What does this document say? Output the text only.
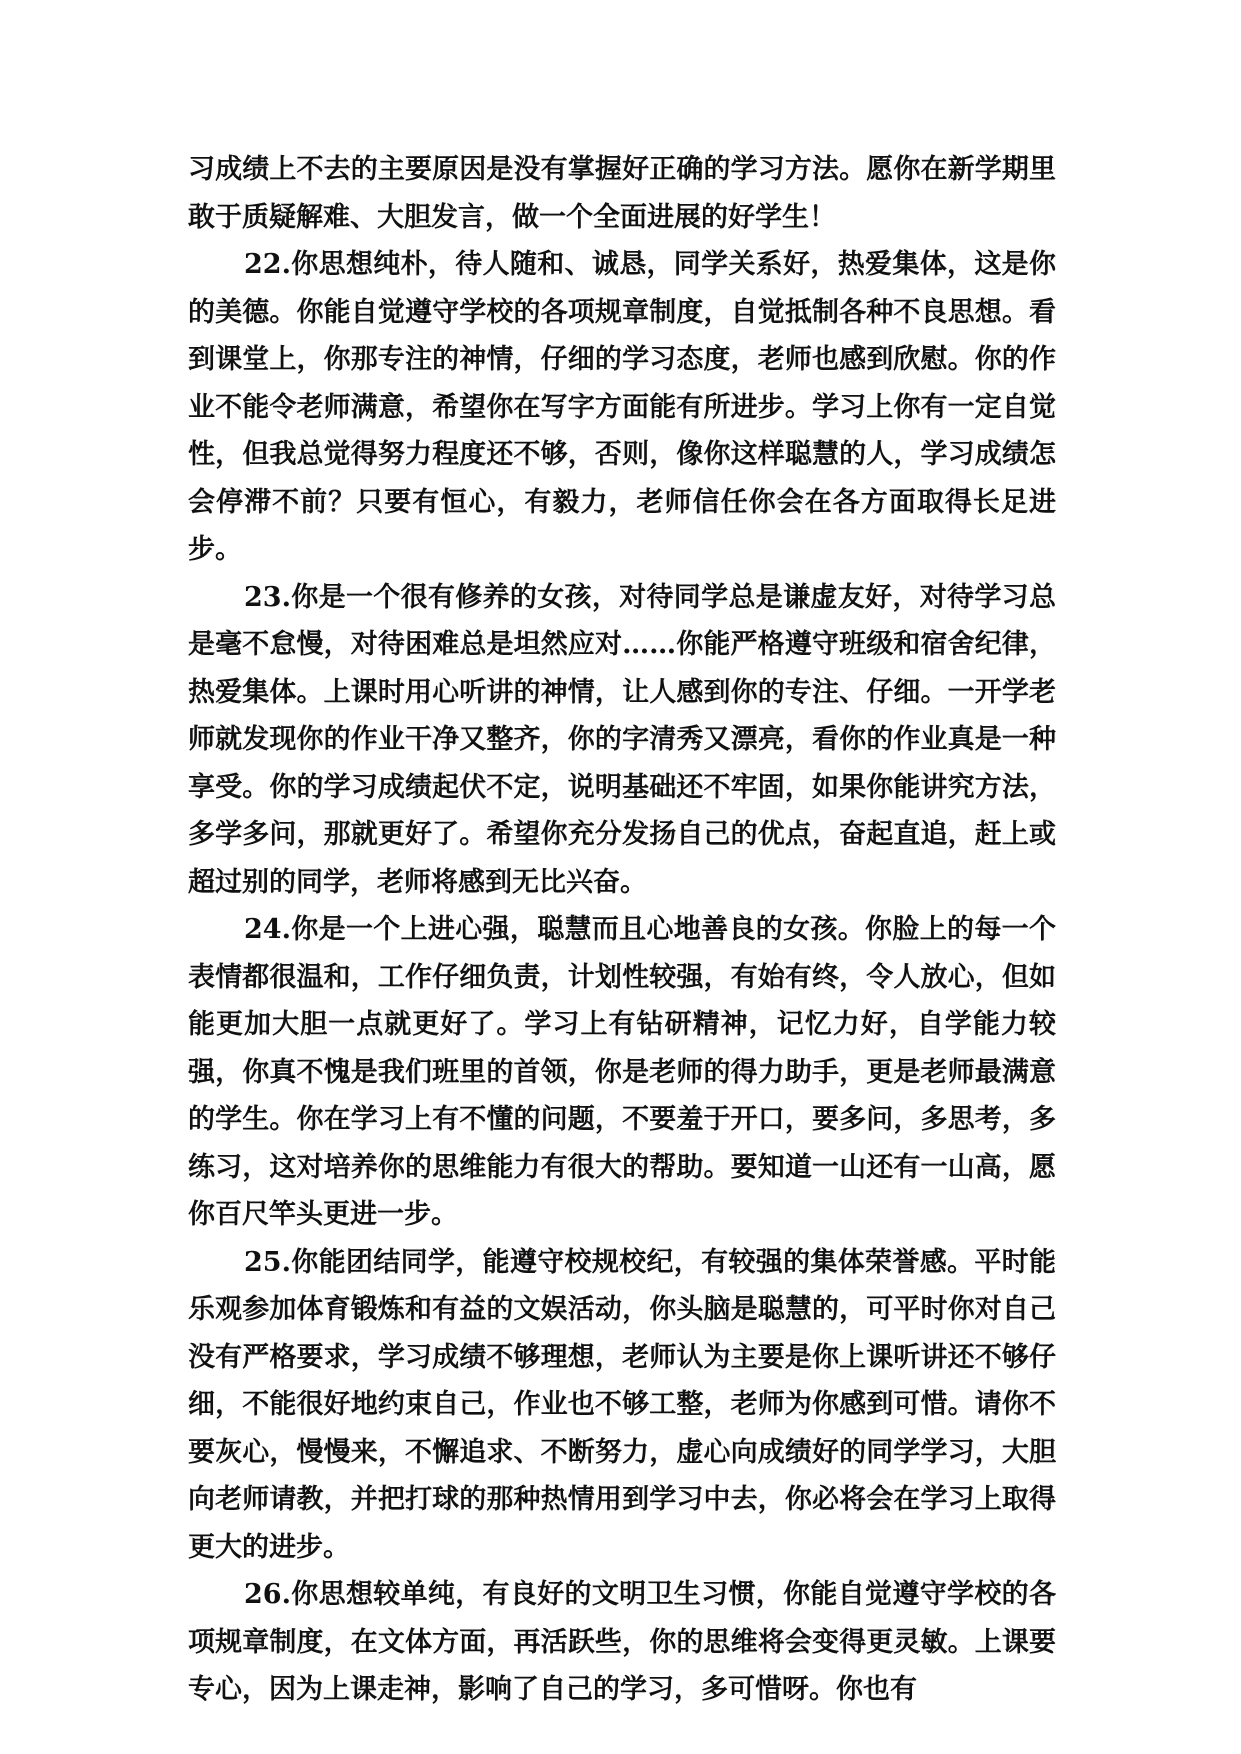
习成绩上不去的主要原因是没有掌握好正确的学习方法。愿你在新学期里敢于质疑解难、大胆发言，做一个全面进展的好学生！

22.你思想纯朴，待人随和、诚恳，同学关系好，热爱集体，这是你的美德。你能自觉遵守学校的各项规章制度，自觉抵制各种不良思想。看到课堂上，你那专注的神情，仔细的学习态度，老师也感到欣慰。你的作业不能令老师满意，希望你在写字方面能有所进步。学习上你有一定自觉性，但我总觉得努力程度还不够，否则，像你这样聪慧的人，学习成绩怎会停滞不前？只要有恒心，有毅力，老师信任你会在各方面取得长足进步。

23.你是一个很有修养的女孩，对待同学总是谦虚友好，对待学习总是毫不怠慢，对待困难总是坦然应对……你能严格遵守班级和宿舍纪律，热爱集体。上课时用心听讲的神情，让人感到你的专注、仔细。一开学老师就发现你的作业干净又整齐，你的字清秀又漂亮，看你的作业真是一种享受。你的学习成绩起伏不定，说明基础还不牢固，如果你能讲究方法，多学多问，那就更好了。希望你充分发扬自己的优点，奋起直追，赶上或超过别的同学，老师将感到无比兴奋。

24.你是一个上进心强，聪慧而且心地善良的女孩。你脸上的每一个表情都很温和，工作仔细负责，计划性较强，有始有终，令人放心，但如能更加大胆一点就更好了。学习上有钻研精神，记忆力好，自学能力较强，你真不愧是我们班里的首领，你是老师的得力助手，更是老师最满意的学生。你在学习上有不懂的问题，不要羞于开口，要多问，多思考，多练习，这对培养你的思维能力有很大的帮助。要知道一山还有一山高，愿你百尺竿头更进一步。

25.你能团结同学，能遵守校规校纪，有较强的集体荣誉感。平时能乐观参加体育锻炼和有益的文娱活动，你头脑是聪慧的，可平时你对自己没有严格要求，学习成绩不够理想，老师认为主要是你上课听讲还不够仔细，不能很好地约束自己，作业也不够工整，老师为你感到可惜。请你不要灰心，慢慢来，不懈追求、不断努力，虚心向成绩好的同学学习，大胆向老师请教，并把打球的那种热情用到学习中去，你必将会在学习上取得更大的进步。

26.你思想较单纯，有良好的文明卫生习惯，你能自觉遵守学校的各项规章制度，在文体方面，再活跃些，你的思维将会变得更灵敏。上课要专心，因为上课走神，影响了自己的学习，多可惜呀。你也有
